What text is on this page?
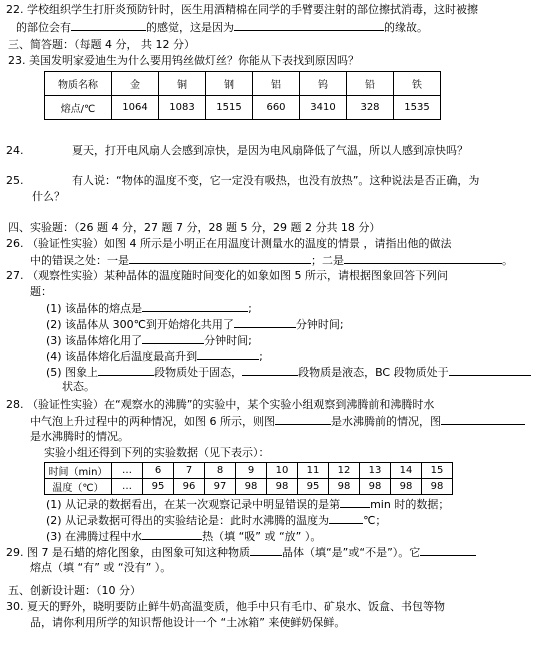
22. 学校组织学生打肝炎预防针时，医生用酒精棉在同学的手臂要注射的部位擦拭消毒，这时被擦
的部位会有	的感觉，这是因为	的缘故。
三、简答题：（每题 4 分， 共 12 分）
23. 美国发明家爱迪生为什么要用钨丝做灯丝？你能从下表找到原因吗？
物质名称	金	铜	钢	铝	钨	铅	铁
熔点/℃	1064	1083	1515	660	3410	328	1535
24.	夏天，打开电风扇人会感到凉快，是因为电风扇降低了气温，所以人感到凉快吗？
25.	有人说：“物体的温度不变，它一定没有吸热，也没有放热”。这种说法是否正确，为
什么？
四、实验题：（26 题 4 分，27 题 7 分，28 题 5 分，29 题 2 分共 18 分）
26. （验证性实验）如图 4 所示是小明正在用温度计测量水的温度的情景 ，请指出他的做法
中的错误之处：一是	；二是	。
27. （观察性实验）某种晶体的温度随时间变化的如象如图 5 所示，请根据图象回答下列问
题：
(1) 该晶体的熔点是	;
(2) 该晶体从 300℃到开始熔化共用了	分钟时间;
(3) 该晶体熔化用了	分钟时间;
(4) 该晶体熔化后温度最高升到	;
(5) 图象上	段物质处于固态，	段物质是液态，BC 段物质处于
状态。
28. （验证性实验）在“观察水的沸腾”的实验中，某个实验小组观察到沸腾前和沸腾时水
中气泡上升过程中的两种情况，如图 6 所示，则图	是水沸腾前的情况，图
是水沸腾时的情况。
实验小组还得到下列的实验数据（见下表示）：
时间（min）	…	6	7	8	9	10	11	12	13	14	15
温度（℃）	…	95	96	97	98	98	95	98	98	98	98
(1) 从记录的数据看出，在某一次观察记录中明显错误的是第	min 时的数据；
(2) 从记录数据可得出的实验结论是：此时水沸腾的温度为	℃；
(3) 在沸腾过程中水	热（填 “吸” 或 “放” ）。
29. 图 7 是石蜡的熔化图象，由图象可知这种物质	晶体（填“是”或“不是”）。它
熔点（填 “有” 或 “没有” ）。
五、创新设计题：（10 分）
30. 夏天的野外，晓明要防止鲜牛奶高温变质，他手中只有毛巾、矿泉水、饭盒、书包等物
品，请你利用所学的知识帮他设计一个 “土冰箱” 来使鲜奶保鲜。
